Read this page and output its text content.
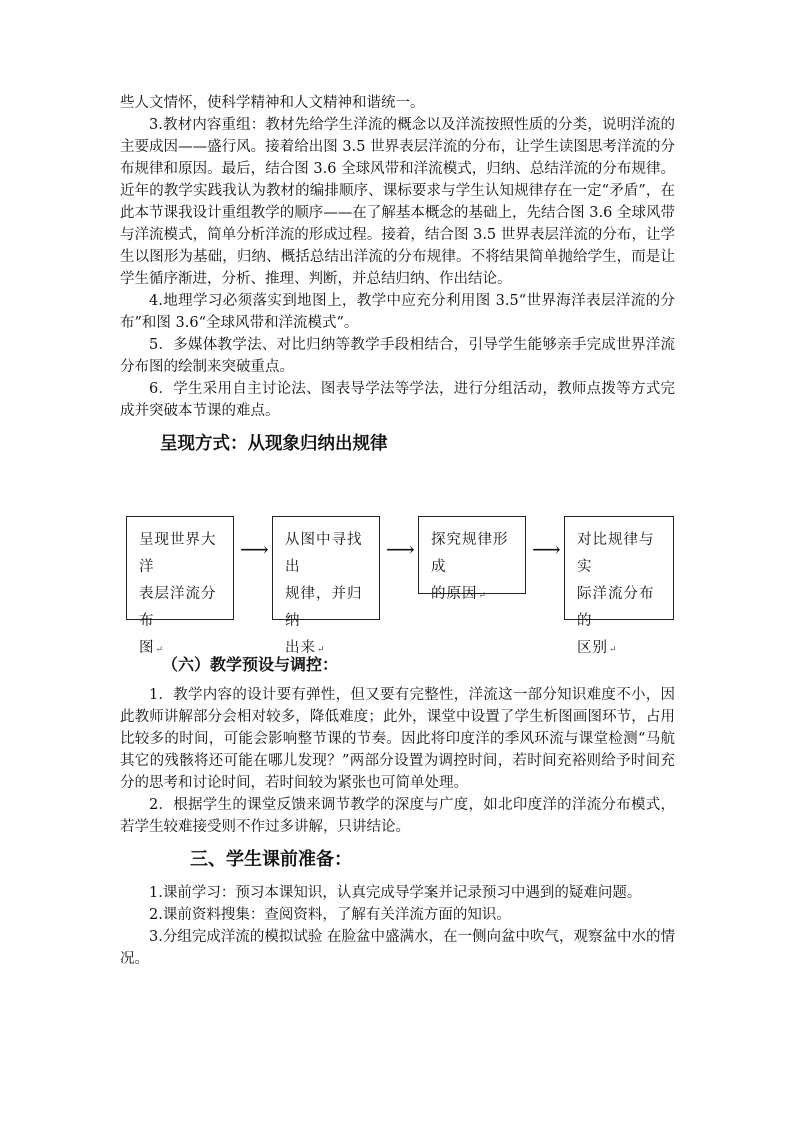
些人文情怀，使科学精神和人文精神和谐统一。

3.教材内容重组：教材先给学生洋流的概念以及洋流按照性质的分类，说明洋流的主要成因——盛行风。接着给出图 3.5 世界表层洋流的分布，让学生读图思考洋流的分布规律和原因。最后，结合图 3.6 全球风带和洋流模式，归纳、总结洋流的分布规律。近年的教学实践我认为教材的编排顺序、课标要求与学生认知规律存在一定“矛盾”，在此本节课我设计重组教学的顺序——在了解基本概念的基础上，先结合图 3.6 全球风带与洋流模式，简单分析洋流的形成过程。接着，结合图 3.5 世界表层洋流的分布，让学生以图形为基础，归纳、概括总结出洋流的分布规律。不将结果简单抛给学生，而是让学生循序渐进，分析、推理、判断，并总结归纳、作出结论。

4.地理学习必须落实到地图上，教学中应充分利用图 3.5“世界海洋表层洋流的分布”和图 3.6“全球风带和洋流模式”。

5．多媒体教学法、对比归纳等教学手段相结合，引导学生能够亲手完成世界洋流分布图的绘制来突破重点。

6．学生采用自主讨论法、图表导学法等学法，进行分组活动，教师点拨等方式完成并突破本节课的难点。

呈现方式：从现象归纳出规律
呈现世界大洋
表层洋流分布
图↵
⟶ 从图中寻找出
规律，并归纳
出来↵
⟶ 探究规律形成
的原因↵
⟶ 对比规律与实
际洋流分布的
区别↵
（六）教学预设与调控：

1．教学内容的设计要有弹性，但又要有完整性，洋流这一部分知识难度不小，因此教师讲解部分会相对较多，降低难度；此外，课堂中设置了学生析图画图环节，占用比较多的时间，可能会影响整节课的节奏。因此将印度洋的季风环流与课堂检测“马航其它的残骸将还可能在哪儿发现？”两部分设置为调控时间，若时间充裕则给予时间充分的思考和讨论时间，若时间较为紧张也可简单处理。

2．根据学生的课堂反馈来调节教学的深度与广度，如北印度洋的洋流分布模式，若学生较难接受则不作过多讲解，只讲结论。

三、学生课前准备：

1.课前学习：预习本课知识，认真完成导学案并记录预习中遇到的疑难问题。

2.课前资料搜集：查阅资料，了解有关洋流方面的知识。

3.分组完成洋流的模拟试验 在脸盆中盛满水，在一侧向盆中吹气，观察盆中水的情况。
